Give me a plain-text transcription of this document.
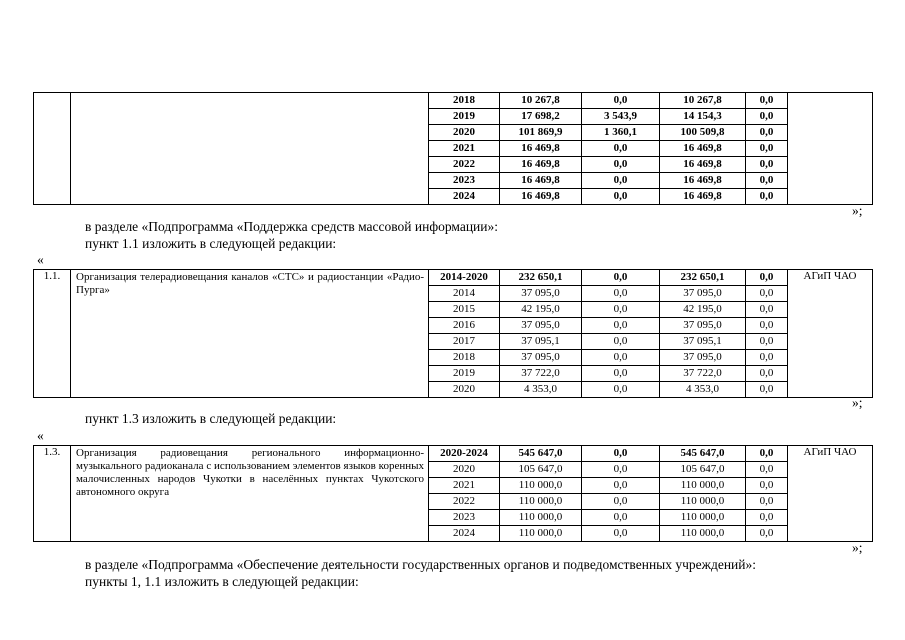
		2018	10 267,8	0,0	10 267,8	0,0	
		2019	17 698,2	3 543,9	14 154,3	0,0	
		2020	101 869,9	1 360,1	100 509,8	0,0	
		2021	16 469,8	0,0	16 469,8	0,0	
		2022	16 469,8	0,0	16 469,8	0,0	
		2023	16 469,8	0,0	16 469,8	0,0	
		2024	16 469,8	0,0	16 469,8	0,0	
»;
в разделе «Подпрограмма «Поддержка средств массовой информации»:
пункт 1.1 изложить в следующей редакции:
«
1.1.	Организация телерадиовещания каналов «СТС» и радиостанции «Радио-Пурга»	2014-2020	232 650,1	0,0	232 650,1	0,0	АГиП ЧАО
		2014	37 095,0	0,0	37 095,0	0,0	
		2015	42 195,0	0,0	42 195,0	0,0	
		2016	37 095,0	0,0	37 095,0	0,0	
		2017	37 095,1	0,0	37 095,1	0,0	
		2018	37 095,0	0,0	37 095,0	0,0	
		2019	37 722,0	0,0	37 722,0	0,0	
		2020	4 353,0	0,0	4 353,0	0,0	
»;
пункт 1.3 изложить в следующей редакции:
«
1.3.	Организация радиовещания регионального информационно-музыкального радиоканала с использованием элементов языков коренных малочисленных народов Чукотки в населённых пунктах Чукотского автономного округа	2020-2024	545 647,0	0,0	545 647,0	0,0	АГиП ЧАО
		2020	105 647,0	0,0	105 647,0	0,0	
		2021	110 000,0	0,0	110 000,0	0,0	
		2022	110 000,0	0,0	110 000,0	0,0	
		2023	110 000,0	0,0	110 000,0	0,0	
		2024	110 000,0	0,0	110 000,0	0,0	
»;
в разделе «Подпрограмма «Обеспечение деятельности государственных органов и подведомственных учреждений»:
пункты 1, 1.1 изложить в следующей редакции:
